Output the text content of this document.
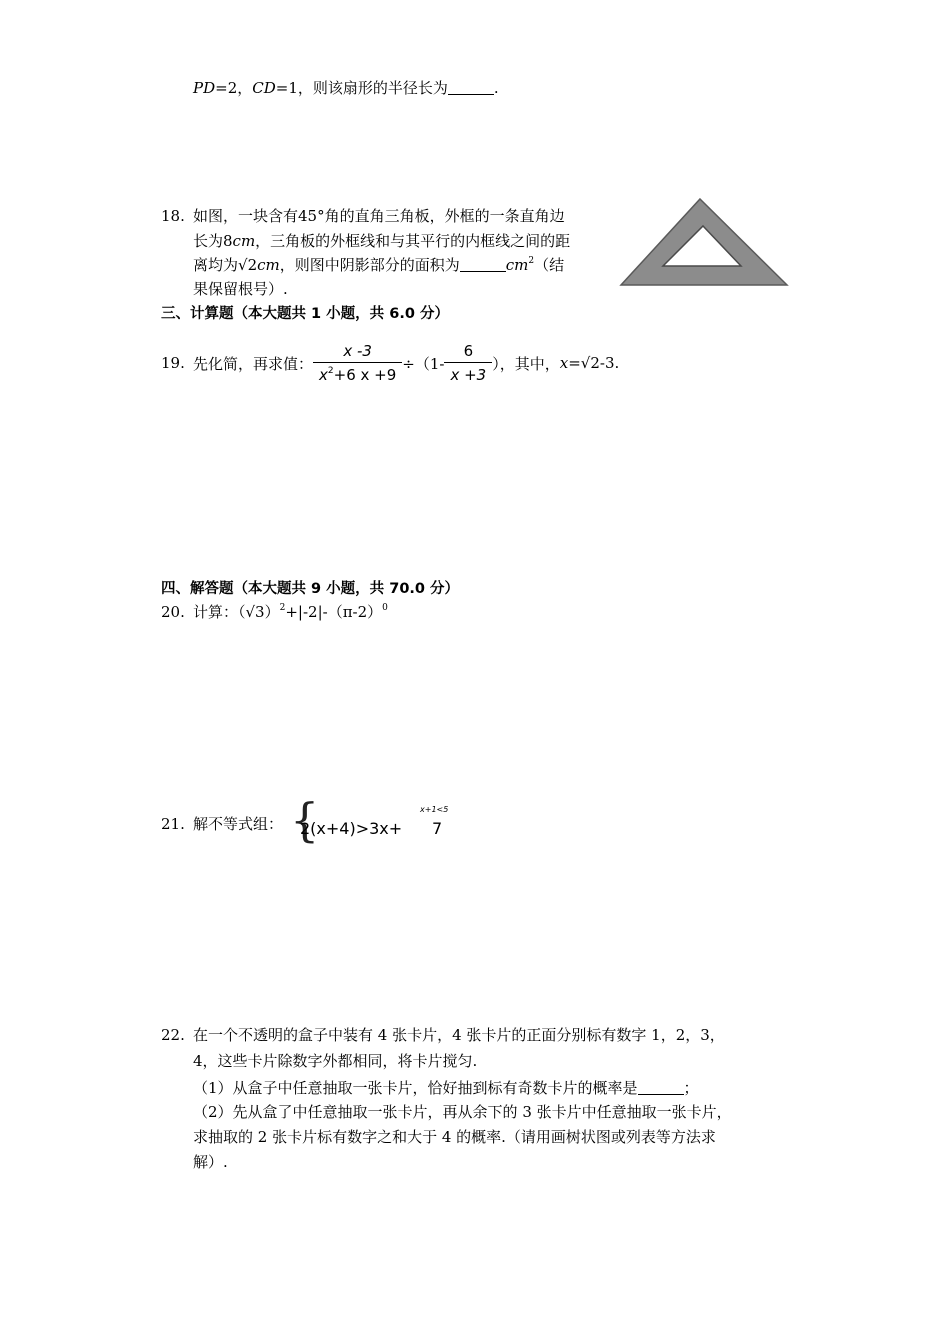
PD=2，CD=1，则该扇形的半径长为	.
18. 如图，一块含有45°角的直角三角板，外框的一条直角边
长为8cm，三角板的外框线和与其平行的内框线之间的距
离均为√2cm，则图中阴影部分的面积为	$cm^2$（结
果保留根号）.
三、计算题（本大题共 1 小题，共 6.0 分）
19. 先化简，再求值： $\frac{x -3}{x^2+6 x +9} \div(1- \frac{6}{x +3}$ ），其中， x =√2-3.
四、解答题（本大题共 9 小题，共 70.0 分）
20. 计算：$(√3)^2+|-2|-(\pi-2)^0$
21. 解不等式组： {	x+1<5
2(x+4)>3x+ 7
22. 在一个不透明的盒子中装有 4 张卡片，4 张卡片的正面分别标有数字 1，2，3，
4，这些卡片除数字外都相同，将卡片搅匀.
（1）从盒子中任意抽取一张卡片，恰好抽到标有奇数卡片的概率是	；
（2）先从盒了中任意抽取一张卡片，再从余下的 3 张卡片中任意抽取一张卡片，
求抽取的 2 张卡片标有数字之和大于 4 的概率.（请用画树状图或列表等方法求
解）.
